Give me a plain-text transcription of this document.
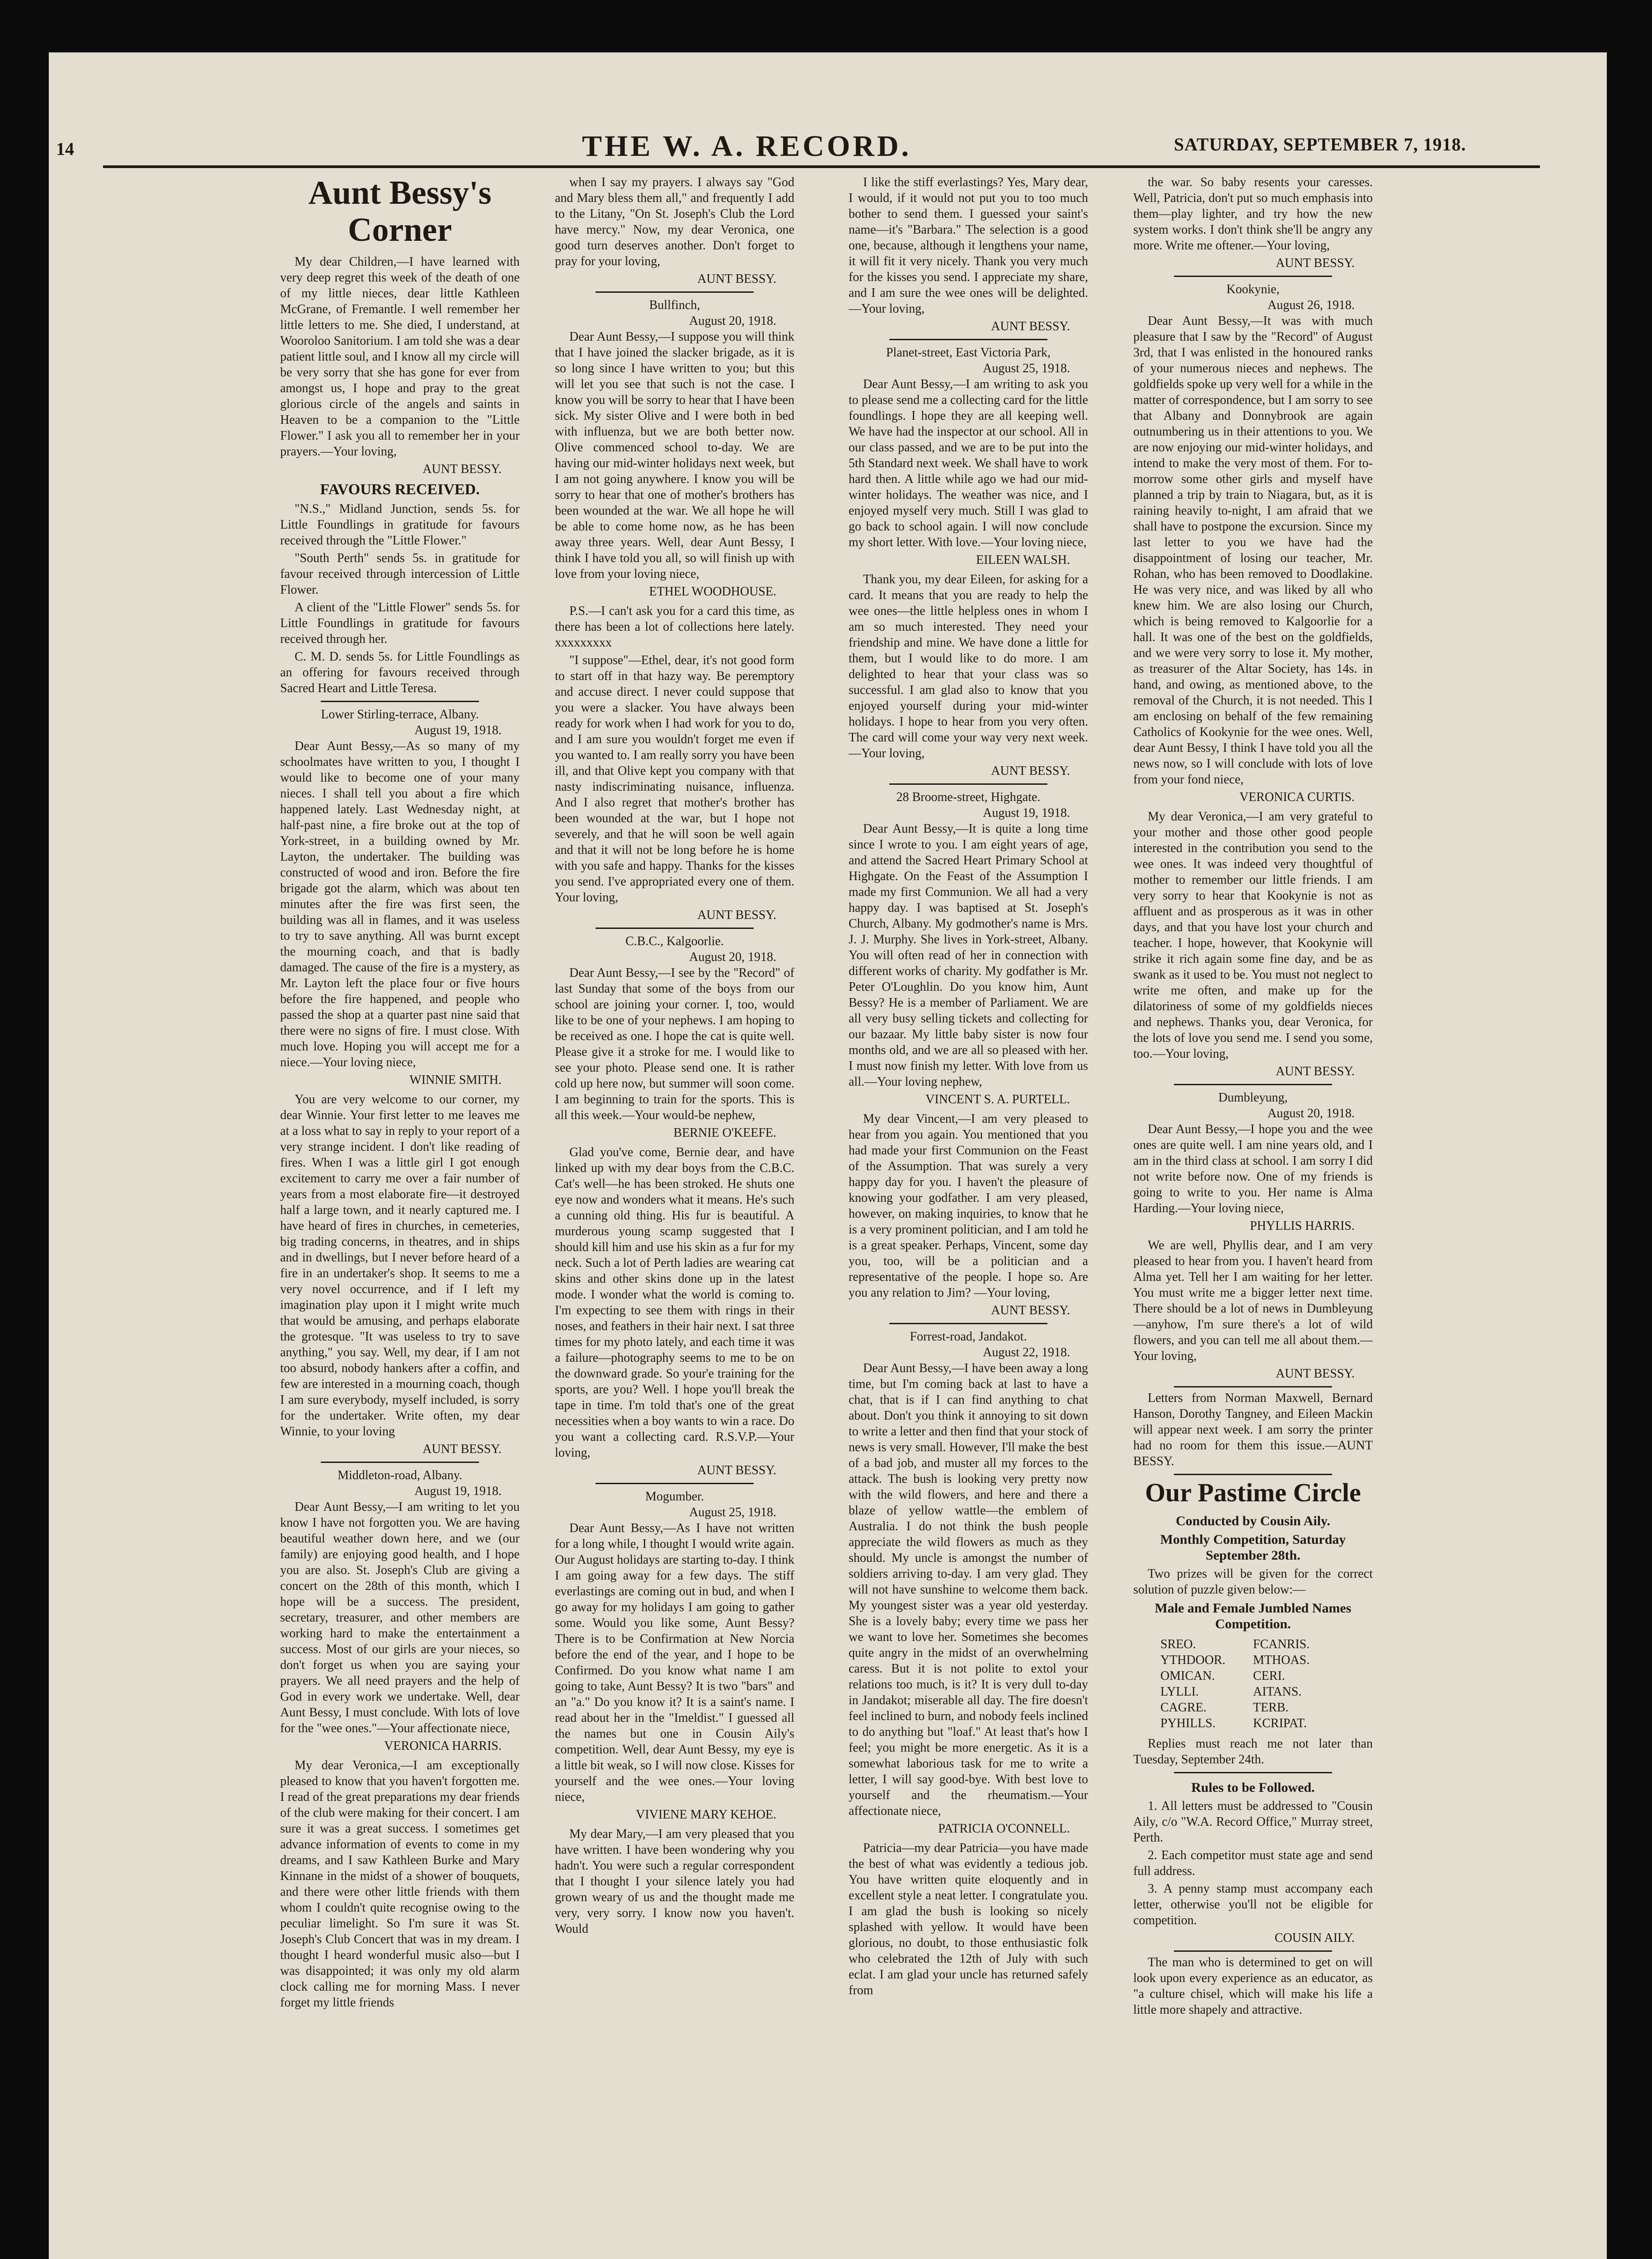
14	THE W. A. RECORD.	SATURDAY, SEPTEMBER 7, 1918.
Aunt Bessy's Corner

My dear Children,—I have learned with very deep regret this week of the death of one of my little nieces, dear little Kathleen McGrane, of Fremantle. I well remember her little letters to me. She died, I understand, at Wooroloo Sanitorium. I am told she was a dear patient little soul, and I know all my circle will be very sorry that she has gone for ever from amongst us, I hope and pray to the great glorious circle of the angels and saints in Heaven to be a companion to the "Little Flower." I ask you all to remember her in your prayers.—Your loving,

AUNT BESSY.

FAVOURS RECEIVED.

"N.S.," Midland Junction, sends 5s. for Little Foundlings in gratitude for favours received through the "Little Flower."

"South Perth" sends 5s. in gratitude for favour received through intercession of Little Flower.

A client of the "Little Flower" sends 5s. for Little Foundlings in gratitude for favours received through her.

C. M. D. sends 5s. for Little Foundlings as an offering for favours received through Sacred Heart and Little Teresa.

Lower Stirling-terrace, Albany.

August 19, 1918.

Dear Aunt Bessy,—As so many of my schoolmates have written to you, I thought I would like to become one of your many nieces. I shall tell you about a fire which happened lately. Last Wednesday night, at half-past nine, a fire broke out at the top of York-street, in a building owned by Mr. Layton, the undertaker. The building was constructed of wood and iron. Before the fire brigade got the alarm, which was about ten minutes after the fire was first seen, the building was all in flames, and it was useless to try to save anything. All was burnt except the mourning coach, and that is badly damaged. The cause of the fire is a mystery, as Mr. Layton left the place four or five hours before the fire happened, and people who passed the shop at a quarter past nine said that there were no signs of fire. I must close. With much love. Hoping you will accept me for a niece.—Your loving niece,

WINNIE SMITH.

You are very welcome to our corner, my dear Winnie. Your first letter to me leaves me at a loss what to say in reply to your report of a very strange incident. I don't like reading of fires. When I was a little girl I got enough excitement to carry me over a fair number of years from a most elaborate fire—it destroyed half a large town, and it nearly captured me. I have heard of fires in churches, in cemeteries, big trading concerns, in theatres, and in ships and in dwellings, but I never before heard of a fire in an undertaker's shop. It seems to me a very novel occurrence, and if I left my imagination play upon it I might write much that would be amusing, and perhaps elaborate the grotesque. "It was useless to try to save anything," you say. Well, my dear, if I am not too absurd, nobody hankers after a coffin, and few are interested in a mourning coach, though I am sure everybody, myself included, is sorry for the undertaker. Write often, my dear Winnie, to your loving

AUNT BESSY.

Middleton-road, Albany.

August 19, 1918.

Dear Aunt Bessy,—I am writing to let you know I have not forgotten you. We are having beautiful weather down here, and we (our family) are enjoying good health, and I hope you are also. St. Joseph's Club are giving a concert on the 28th of this month, which I hope will be a success. The president, secretary, treasurer, and other members are working hard to make the entertainment a success. Most of our girls are your nieces, so don't forget us when you are saying your prayers. We all need prayers and the help of God in every work we undertake. Well, dear Aunt Bessy, I must conclude. With lots of love for the "wee ones."—Your affectionate niece,

VERONICA HARRIS.

My dear Veronica,—I am exceptionally pleased to know that you haven't forgotten me. I read of the great preparations my dear friends of the club were making for their concert. I am sure it was a great success. I sometimes get advance information of events to come in my dreams, and I saw Kathleen Burke and Mary Kinnane in the midst of a shower of bouquets, and there were other little friends with them whom I couldn't quite recognise owing to the peculiar limelight. So I'm sure it was St. Joseph's Club Concert that was in my dream. I thought I heard wonderful music also—but I was disappointed; it was only my old alarm clock calling me for morning Mass. I never forget my little friends

when I say my prayers. I always say "God and Mary bless them all," and frequently I add to the Litany, "On St. Joseph's Club the Lord have mercy." Now, my dear Veronica, one good turn deserves another. Don't forget to pray for your loving,

AUNT BESSY.

Bullfinch,

August 20, 1918.

Dear Aunt Bessy,—I suppose you will think that I have joined the slacker brigade, as it is so long since I have written to you; but this will let you see that such is not the case. I know you will be sorry to hear that I have been sick. My sister Olive and I were both in bed with influenza, but we are both better now. Olive commenced school to-day. We are having our mid-winter holidays next week, but I am not going anywhere. I know you will be sorry to hear that one of mother's brothers has been wounded at the war. We all hope he will be able to come home now, as he has been away three years. Well, dear Aunt Bessy, I think I have told you all, so will finish up with love from your loving niece,

ETHEL WOODHOUSE.

P.S.—I can't ask you for a card this time, as there has been a lot of collections here lately. xxxxxxxxx

"I suppose"—Ethel, dear, it's not good form to start off in that hazy way. Be peremptory and accuse direct. I never could suppose that you were a slacker. You have always been ready for work when I had work for you to do, and I am sure you wouldn't forget me even if you wanted to. I am really sorry you have been ill, and that Olive kept you company with that nasty indiscriminating nuisance, influenza. And I also regret that mother's brother has been wounded at the war, but I hope not severely, and that he will soon be well again and that it will not be long before he is home with you safe and happy. Thanks for the kisses you send. I've appropriated every one of them. Your loving,

AUNT BESSY.

C.B.C., Kalgoorlie.

August 20, 1918.

Dear Aunt Bessy,—I see by the "Record" of last Sunday that some of the boys from our school are joining your corner. I, too, would like to be one of your nephews. I am hoping to be received as one. I hope the cat is quite well. Please give it a stroke for me. I would like to see your photo. Please send one. It is rather cold up here now, but summer will soon come. I am beginning to train for the sports. This is all this week.—Your would-be nephew,

BERNIE O'KEEFE.

Glad you've come, Bernie dear, and have linked up with my dear boys from the C.B.C. Cat's well—he has been stroked. He shuts one eye now and wonders what it means. He's such a cunning old thing. His fur is beautiful. A murderous young scamp suggested that I should kill him and use his skin as a fur for my neck. Such a lot of Perth ladies are wearing cat skins and other skins done up in the latest mode. I wonder what the world is coming to. I'm expecting to see them with rings in their noses, and feathers in their hair next. I sat three times for my photo lately, and each time it was a failure—photography seems to me to be on the downward grade. So your'e training for the sports, are you? Well. I hope you'll break the tape in time. I'm told that's one of the great necessities when a boy wants to win a race. Do you want a collecting card. R.S.V.P.—Your loving,

AUNT BESSY.

Mogumber.

August 25, 1918.

Dear Aunt Bessy,—As I have not written for a long while, I thought I would write again. Our August holidays are starting to-day. I think I am going away for a few days. The stiff everlastings are coming out in bud, and when I go away for my holidays I am going to gather some. Would you like some, Aunt Bessy? There is to be Confirmation at New Norcia before the end of the year, and I hope to be Confirmed. Do you know what name I am going to take, Aunt Bessy? It is two "bars" and an "a." Do you know it? It is a saint's name. I read about her in the "Imeldist." I guessed all the names but one in Cousin Aily's competition. Well, dear Aunt Bessy, my eye is a little bit weak, so I will now close. Kisses for yourself and the wee ones.—Your loving niece,

VIVIENE MARY KEHOE.

My dear Mary,—I am very pleased that you have written. I have been wondering why you hadn't. You were such a regular correspondent that I thought I your silence lately you had grown weary of us and the thought made me very, very sorry. I know now you haven't. Would

I like the stiff everlastings? Yes, Mary dear, I would, if it would not put you to too much bother to send them. I guessed your saint's name—it's "Barbara." The selection is a good one, because, although it lengthens your name, it will fit it very nicely. Thank you very much for the kisses you send. I appreciate my share, and I am sure the wee ones will be delighted.—Your loving,

AUNT BESSY.

Planet-street, East Victoria Park,

August 25, 1918.

Dear Aunt Bessy,—I am writing to ask you to please send me a collecting card for the little foundlings. I hope they are all keeping well. We have had the inspector at our school. All in our class passed, and we are to be put into the 5th Standard next week. We shall have to work hard then. A little while ago we had our mid-winter holidays. The weather was nice, and I enjoyed myself very much. Still I was glad to go back to school again. I will now conclude my short letter. With love.—Your loving niece,

EILEEN WALSH.

Thank you, my dear Eileen, for asking for a card. It means that you are ready to help the wee ones—the little helpless ones in whom I am so much interested. They need your friendship and mine. We have done a little for them, but I would like to do more. I am delighted to hear that your class was so successful. I am glad also to know that you enjoyed yourself during your mid-winter holidays. I hope to hear from you very often. The card will come your way very next week.—Your loving,

AUNT BESSY.

28 Broome-street, Highgate.

August 19, 1918.

Dear Aunt Bessy,—It is quite a long time since I wrote to you. I am eight years of age, and attend the Sacred Heart Primary School at Highgate. On the Feast of the Assumption I made my first Communion. We all had a very happy day. I was baptised at St. Joseph's Church, Albany. My godmother's name is Mrs. J. J. Murphy. She lives in York-street, Albany. You will often read of her in connection with different works of charity. My godfather is Mr. Peter O'Loughlin. Do you know him, Aunt Bessy? He is a member of Parliament. We are all very busy selling tickets and collecting for our bazaar. My little baby sister is now four months old, and we are all so pleased with her. I must now finish my letter. With love from us all.—Your loving nephew,

VINCENT S. A. PURTELL.

My dear Vincent,—I am very pleased to hear from you again. You mentioned that you had made your first Communion on the Feast of the Assumption. That was surely a very happy day for you. I haven't the pleasure of knowing your godfather. I am very pleased, however, on making inquiries, to know that he is a very prominent politician, and I am told he is a great speaker. Perhaps, Vincent, some day you, too, will be a politician and a representative of the people. I hope so. Are you any relation to Jim? —Your loving,

AUNT BESSY.

Forrest-road, Jandakot.

August 22, 1918.

Dear Aunt Bessy,—I have been away a long time, but I'm coming back at last to have a chat, that is if I can find anything to chat about. Don't you think it annoying to sit down to write a letter and then find that your stock of news is very small. However, I'll make the best of a bad job, and muster all my forces to the attack. The bush is looking very pretty now with the wild flowers, and here and there a blaze of yellow wattle—the emblem of Australia. I do not think the bush people appreciate the wild flowers as much as they should. My uncle is amongst the number of soldiers arriving to-day. I am very glad. They will not have sunshine to welcome them back. My youngest sister was a year old yesterday. She is a lovely baby; every time we pass her we want to love her. Sometimes she becomes quite angry in the midst of an overwhelming caress. But it is not polite to extol your relations too much, is it? It is very dull to-day in Jandakot; miserable all day. The fire doesn't feel inclined to burn, and nobody feels inclined to do anything but "loaf." At least that's how I feel; you might be more energetic. As it is a somewhat laborious task for me to write a letter, I will say good-bye. With best love to yourself and the rheumatism.—Your affectionate niece,

PATRICIA O'CONNELL.

Patricia—my dear Patricia—you have made the best of what was evidently a tedious job. You have written quite eloquently and in excellent style a neat letter. I congratulate you. I am glad the bush is looking so nicely splashed with yellow. It would have been glorious, no doubt, to those enthusiastic folk who celebrated the 12th of July with such eclat. I am glad your uncle has returned safely from

the war. So baby resents your caresses. Well, Patricia, don't put so much emphasis into them—play lighter, and try how the new system works. I don't think she'll be angry any more. Write me oftener.—Your loving,

AUNT BESSY.

Kookynie,

August 26, 1918.

Dear Aunt Bessy,—It was with much pleasure that I saw by the "Record" of August 3rd, that I was enlisted in the honoured ranks of your numerous nieces and nephews. The goldfields spoke up very well for a while in the matter of correspondence, but I am sorry to see that Albany and Donnybrook are again outnumbering us in their attentions to you. We are now enjoying our mid-winter holidays, and intend to make the very most of them. For to-morrow some other girls and myself have planned a trip by train to Niagara, but, as it is raining heavily to-night, I am afraid that we shall have to postpone the excursion. Since my last letter to you we have had the disappointment of losing our teacher, Mr. Rohan, who has been removed to Doodlakine. He was very nice, and was liked by all who knew him. We are also losing our Church, which is being removed to Kalgoorlie for a hall. It was one of the best on the goldfields, and we were very sorry to lose it. My mother, as treasurer of the Altar Society, has 14s. in hand, and owing, as mentioned above, to the removal of the Church, it is not needed. This I am enclosing on behalf of the few remaining Catholics of Kookynie for the wee ones. Well, dear Aunt Bessy, I think I have told you all the news now, so I will conclude with lots of love from your fond niece,

VERONICA CURTIS.

My dear Veronica,—I am very grateful to your mother and those other good people interested in the contribution you send to the wee ones. It was indeed very thoughtful of mother to remember our little friends. I am very sorry to hear that Kookynie is not as affluent and as prosperous as it was in other days, and that you have lost your church and teacher. I hope, however, that Kookynie will strike it rich again some fine day, and be as swank as it used to be. You must not neglect to write me often, and make up for the dilatoriness of some of my goldfields nieces and nephews. Thanks you, dear Veronica, for the lots of love you send me. I send you some, too.—Your loving,

AUNT BESSY.

Dumbleyung,

August 20, 1918.

Dear Aunt Bessy,—I hope you and the wee ones are quite well. I am nine years old, and I am in the third class at school. I am sorry I did not write before now. One of my friends is going to write to you. Her name is Alma Harding.—Your loving niece,

PHYLLIS HARRIS.

We are well, Phyllis dear, and I am very pleased to hear from you. I haven't heard from Alma yet. Tell her I am waiting for her letter. You must write me a bigger letter next time. There should be a lot of news in Dumbleyung—anyhow, I'm sure there's a lot of wild flowers, and you can tell me all about them.—Your loving,

AUNT BESSY.

Letters from Norman Maxwell, Bernard Hanson, Dorothy Tangney, and Eileen Mackin will appear next week. I am sorry the printer had no room for them this issue.—AUNT BESSY.

Our Pastime Circle
Conducted by Cousin Aily.
Monthly Competition, Saturday September 28th.

Two prizes will be given for the correct solution of puzzle given below:—

Male and Female Jumbled Names Competition.
SREO.	FCANRIS.
YTHDOOR.	MTHOAS.
OMICAN.	CERI.
LYLLI.	AITANS.
CAGRE.	TERB.
PYHILLS.	KCRIPAT.

Replies must reach me not later than Tuesday, September 24th.

Rules to be Followed.

1. All letters must be addressed to "Cousin Aily, c/o "W.A. Record Office," Murray street, Perth.

2. Each competitor must state age and send full address.

3. A penny stamp must accompany each letter, otherwise you'll not be eligible for competition.

COUSIN AILY.

The man who is determined to get on will look upon every experience as an educator, as "a culture chisel, which will make his life a little more shapely and attractive.
